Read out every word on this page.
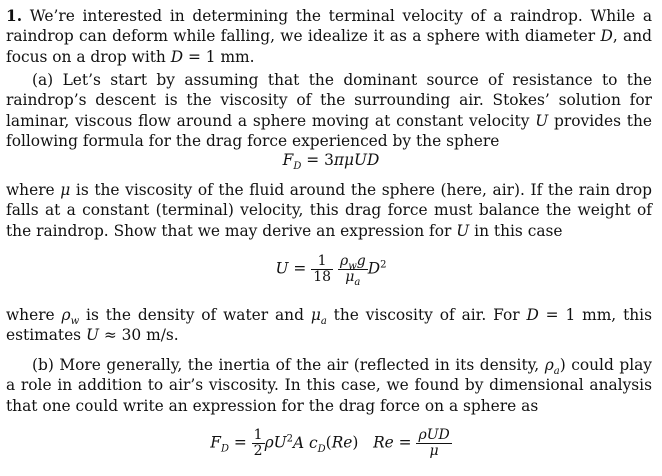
1. We’re interested in determining the terminal velocity of a raindrop. While a raindrop can deform while falling, we idealize it as a sphere with diameter D, and focus on a drop with D = 1 mm.

(a) Let’s start by assuming that the dominant source of resistance to the raindrop’s descent is the viscosity of the surrounding air. Stokes’ solution for laminar, viscous flow around a sphere moving at constant velocity U provides the following formula for the drag force experienced by the sphere

$F_D = 3\pi\mu UD$

where μ is the viscosity of the fluid around the sphere (here, air). If the rain drop falls at a constant (terminal) velocity, this drag force must balance the weight of the raindrop. Show that we may derive an expression for U in this case

$U = \frac{1}{18}$
$\frac{\rho_wg}{\mu_a} D^2$

where $\rho_w$ is the density of water and $\mu_a$ the viscosity of air. For D = 1 mm, this estimates U ≈ 30 m/s.

(b) More generally, the inertia of the air (reflected in its density, $\rho_a$) could play a role in addition to air’s viscosity. In this case, we found by dimensional analysis that one could write an expression for the drag force on a sphere as

$F_D = \frac{1}{2} \rho U^2A$ $c_D(Re) Re = \frac{\text{ρUD}}{\mu}$
